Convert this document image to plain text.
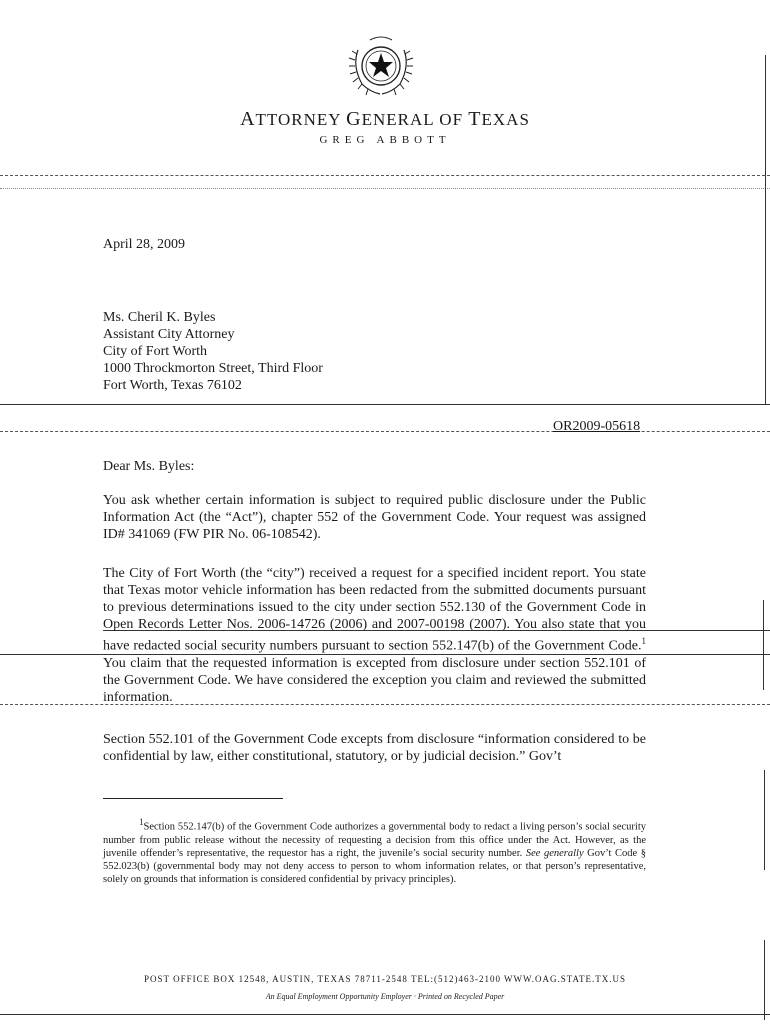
ATTORNEY GENERAL OF TEXAS
GREG ABBOTT
April 28, 2009
Ms. Cheril K. Byles
Assistant City Attorney
City of Fort Worth
1000 Throckmorton Street, Third Floor
Fort Worth, Texas 76102
OR2009-05618
Dear Ms. Byles:
You ask whether certain information is subject to required public disclosure under the Public Information Act (the “Act”), chapter 552 of the Government Code. Your request was assigned ID# 341069 (FW PIR No. 06-108542).
The City of Fort Worth (the “city”) received a request for a specified incident report. You state that Texas motor vehicle information has been redacted from the submitted documents pursuant to previous determinations issued to the city under section 552.130 of the Government Code in Open Records Letter Nos. 2006-14726 (2006) and 2007-00198 (2007). You also state that you have redacted social security numbers pursuant to section 552.147(b) of the Government Code.$^1$ You claim that the requested information is excepted from disclosure under section 552.101 of the Government Code. We have considered the exception you claim and reviewed the submitted information.
Section 552.101 of the Government Code excepts from disclosure “information considered to be confidential by law, either constitutional, statutory, or by judicial decision.” Gov’t
$^1$Section 552.147(b) of the Government Code authorizes a governmental body to redact a living person’s social security number from public release without the necessity of requesting a decision from this office under the Act. However, as the juvenile offender’s representative, the requestor has a right, the juvenile’s social security number. See generally Gov’t Code § 552.023(b) (governmental body may not deny access to person to whom information relates, or that person’s representative, solely on grounds that information is considered confidential by privacy principles).
POST OFFICE BOX 12548, AUSTIN, TEXAS 78711-2548 TEL:(512)463-2100 WWW.OAG.STATE.TX.US
An Equal Employment Opportunity Employer · Printed on Recycled Paper
